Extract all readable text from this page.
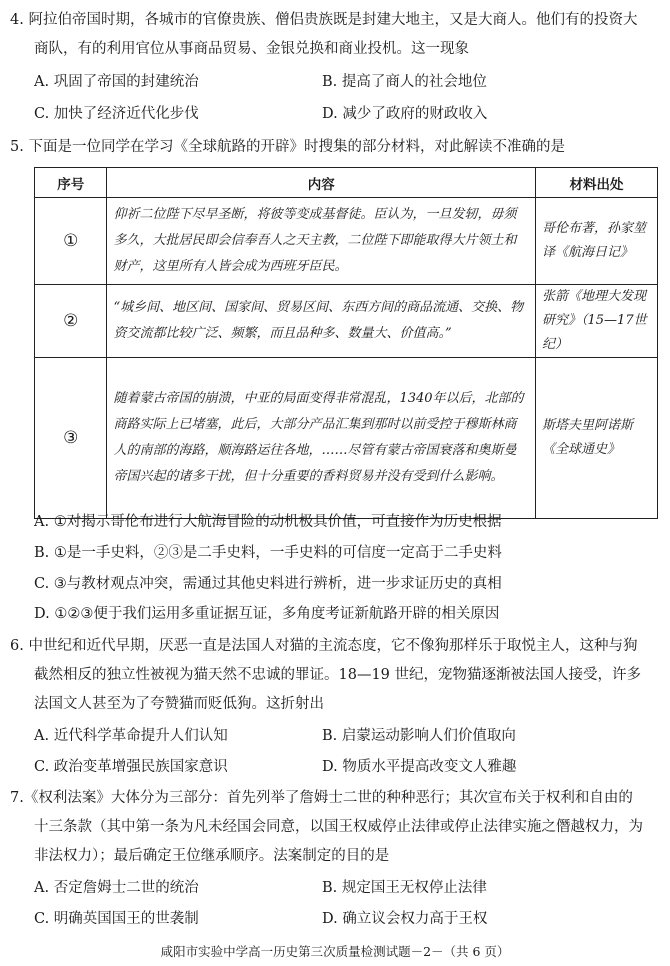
4. 阿拉伯帝国时期，各城市的官僚贵族、僧侣贵族既是封建大地主，又是大商人。他们有的投资大
商队，有的利用官位从事商品贸易、金银兑换和商业投机。这一现象
A. 巩固了帝国的封建统治	B. 提高了商人的社会地位
C. 加快了经济近代化步伐	D. 减少了政府的财政收入
5. 下面是一位同学在学习《全球航路的开辟》时搜集的部分材料，对此解读不准确的是
序号	内容	材料出处
①	仰祈二位陛下尽早圣断，将彼等变成基督徒。臣认为，一旦发轫，毋须多久，大批居民即会信奉吾人之天主教，二位陛下即能取得大片领土和财产，这里所有人皆会成为西班牙臣民。	哥伦布著，孙家堃译《航海日记》
②	“城乡间、地区间、国家间、贸易区间、东西方间的商品流通、交换、物资交流都比较广泛、频繁，而且品种多、数量大、价值高。”	张箭《地理大发现研究》（15—17世纪）
③	随着蒙古帝国的崩溃，中亚的局面变得非常混乱，1340年以后，北部的商路实际上已堵塞，此后，大部分产品汇集到那时以前受控于穆斯林商人的南部的海路，顺海路运往各地，……尽管有蒙古帝国衰落和奥斯曼帝国兴起的诸多干扰，但十分重要的香料贸易并没有受到什么影响。	斯塔夫里阿诺斯《全球通史》
A. ①对揭示哥伦布进行大航海冒险的动机极具价值，可直接作为历史根据
B. ①是一手史料，②③是二手史料，一手史料的可信度一定高于二手史料
C. ③与教材观点冲突，需通过其他史料进行辨析，进一步求证历史的真相
D. ①②③便于我们运用多重证据互证，多角度考证新航路开辟的相关原因
6. 中世纪和近代早期，厌恶一直是法国人对猫的主流态度，它不像狗那样乐于取悦主人，这种与狗
截然相反的独立性被视为猫天然不忠诚的罪证。18—19 世纪，宠物猫逐渐被法国人接受，许多
法国文人甚至为了夸赞猫而贬低狗。这折射出
A. 近代科学革命提升人们认知	B. 启蒙运动影响人们价值取向
C. 政治变革增强民族国家意识	D. 物质水平提高改变文人雅趣
7.《权利法案》大体分为三部分：首先列举了詹姆士二世的种种恶行；其次宣布关于权利和自由的
十三条款（其中第一条为凡未经国会同意，以国王权威停止法律或停止法律实施之僭越权力，为
非法权力）；最后确定王位继承顺序。法案制定的目的是
A. 否定詹姆士二世的统治	B. 规定国王无权停止法律
C. 明确英国国王的世袭制	D. 确立议会权力高于王权
咸阳市实验中学高一历史第三次质量检测试题－2－（共 6 页）
